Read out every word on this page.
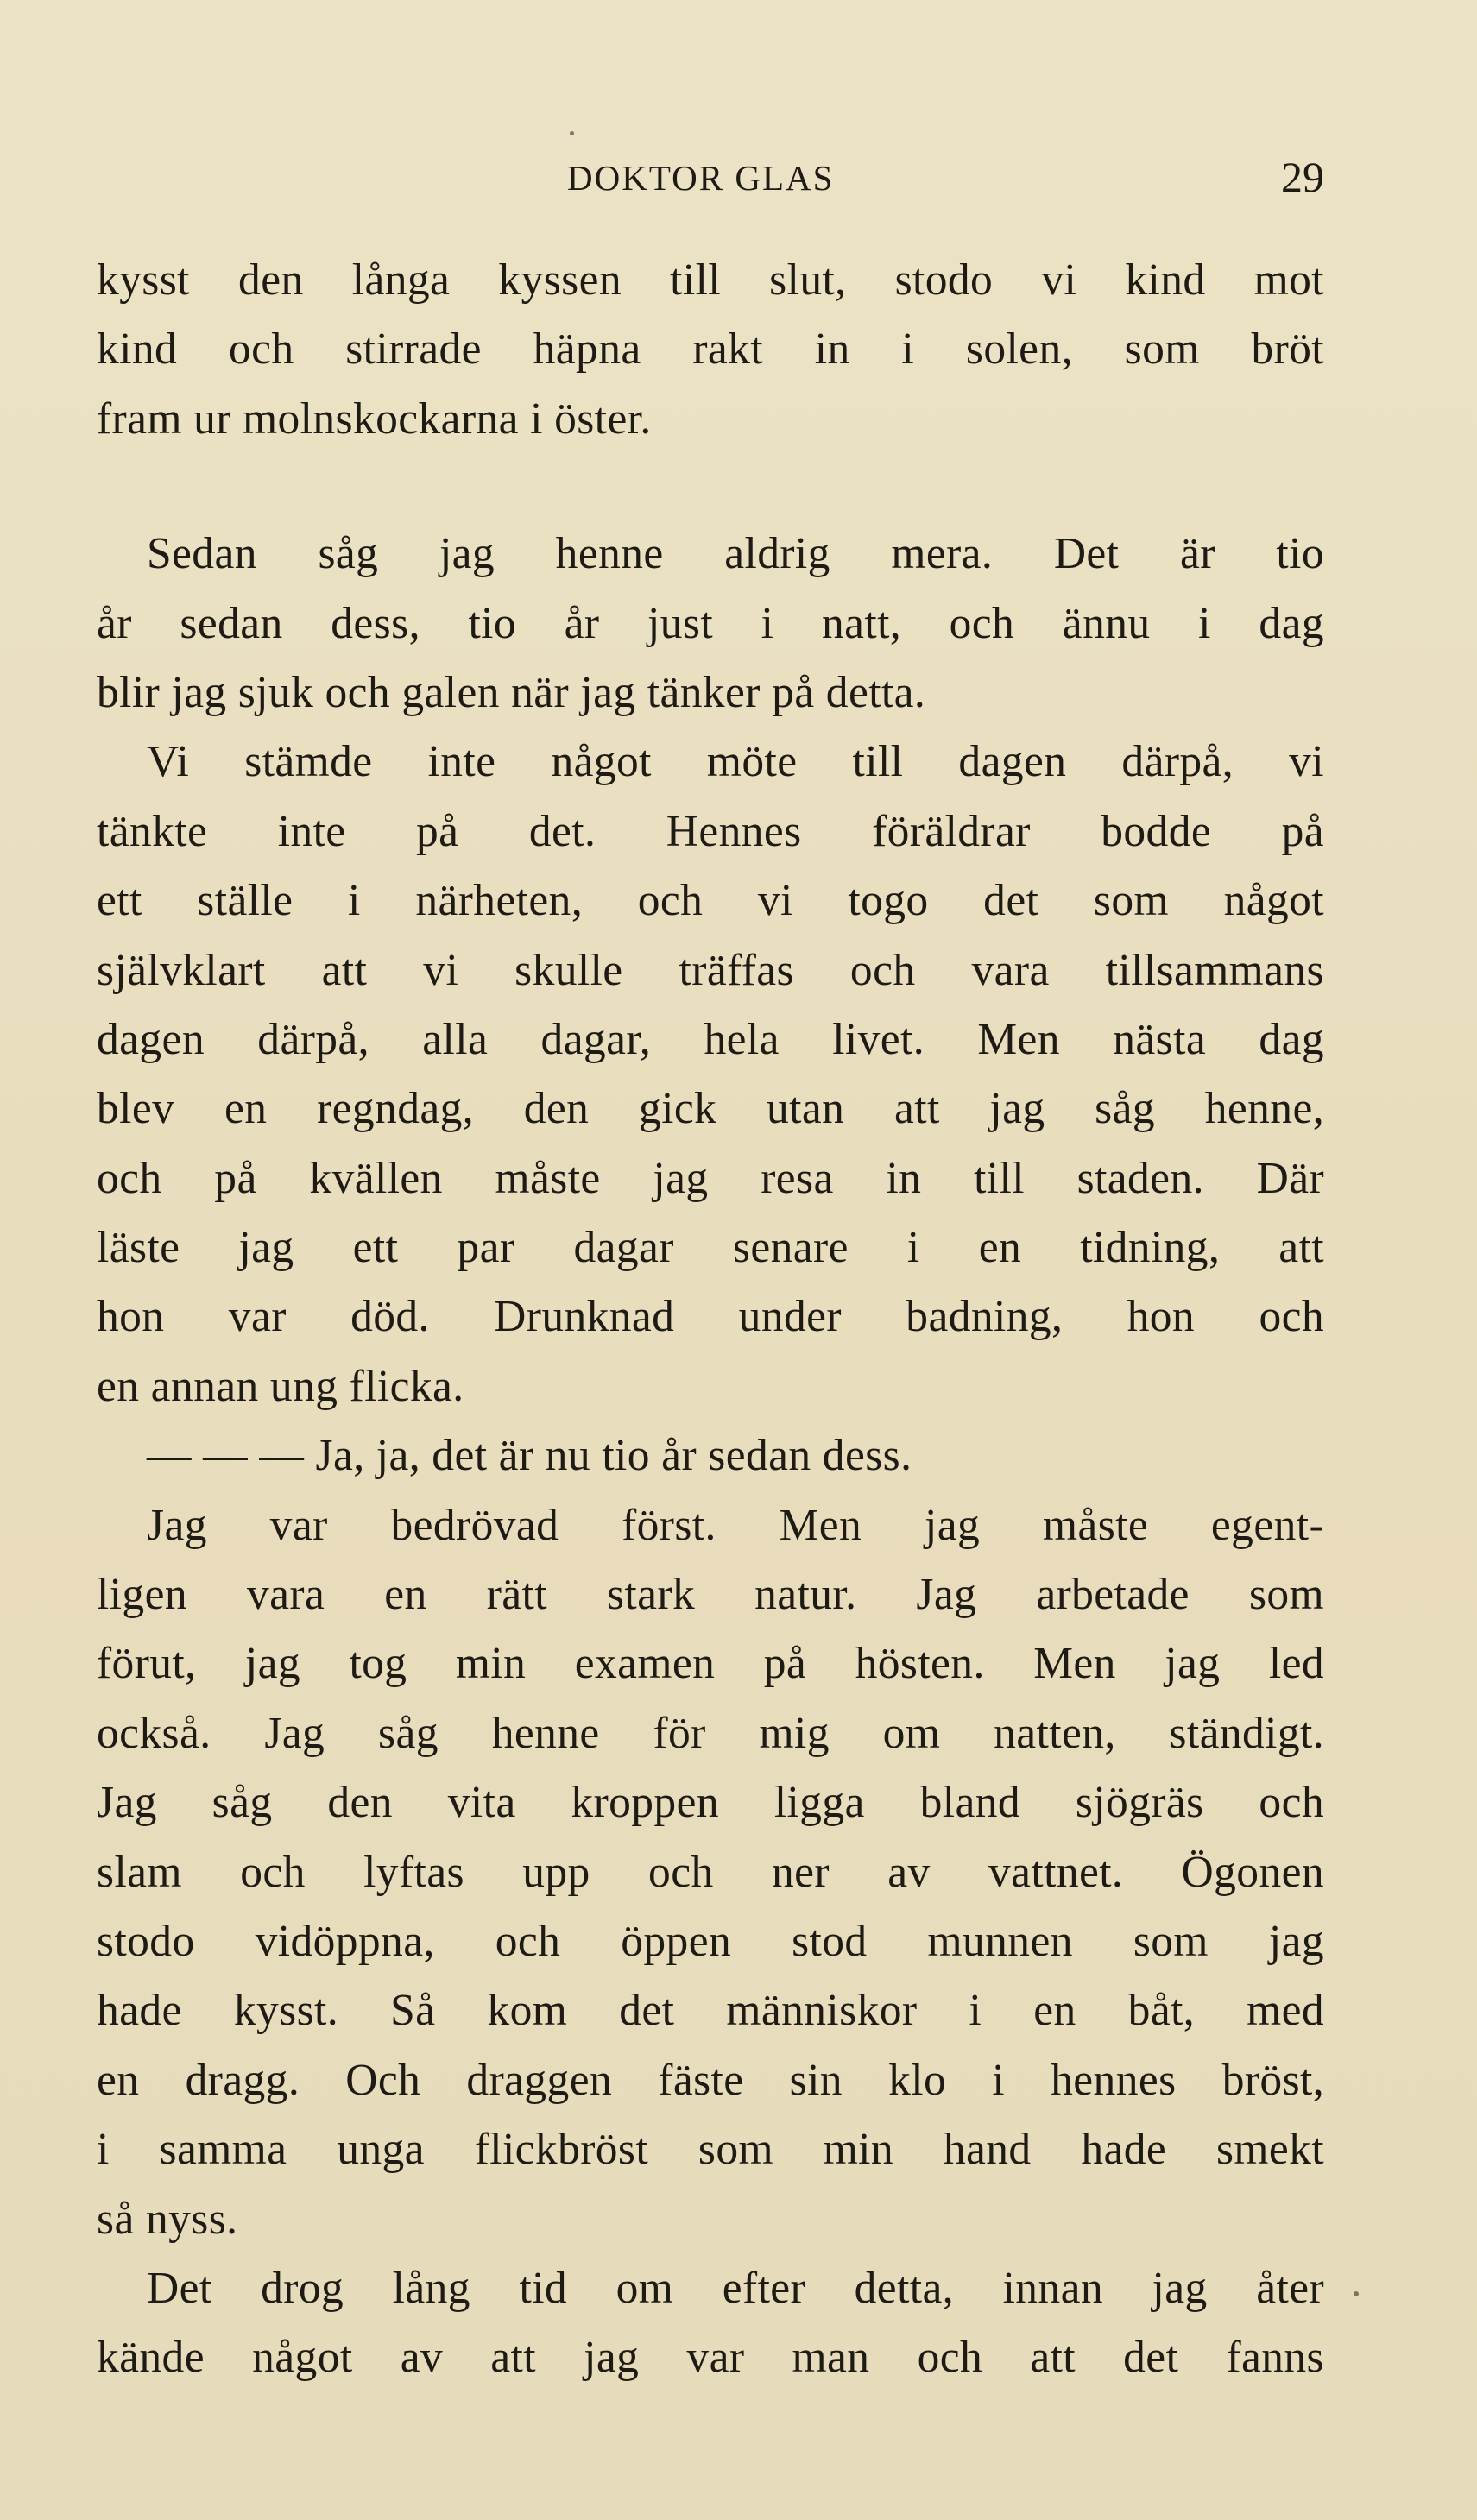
DOKTOR GLAS	29
kysst den långa kyssen till slut, stodo vi kind mot
kind och stirrade häpna rakt in i solen, som bröt
fram ur molnskockarna i öster.
Sedan såg jag henne aldrig mera. Det är tio
år sedan dess, tio år just i natt, och ännu i dag
blir jag sjuk och galen när jag tänker på detta.
Vi stämde inte något möte till dagen därpå, vi
tänkte inte på det. Hennes föräldrar bodde på
ett ställe i närheten, och vi togo det som något
självklart att vi skulle träffas och vara tillsammans
dagen därpå, alla dagar, hela livet. Men nästa dag
blev en regndag, den gick utan att jag såg henne,
och på kvällen måste jag resa in till staden. Där
läste jag ett par dagar senare i en tidning, att
hon var död. Drunknad under badning, hon och
en annan ung flicka.
— — — Ja, ja, det är nu tio år sedan dess.
Jag var bedrövad först. Men jag måste egent-
ligen vara en rätt stark natur. Jag arbetade som
förut, jag tog min examen på hösten. Men jag led
också. Jag såg henne för mig om natten, ständigt.
Jag såg den vita kroppen ligga bland sjögräs och
slam och lyftas upp och ner av vattnet. Ögonen
stodo vidöppna, och öppen stod munnen som jag
hade kysst. Så kom det människor i en båt, med
en dragg. Och draggen fäste sin klo i hennes bröst,
i samma unga flickbröst som min hand hade smekt
så nyss.
Det drog lång tid om efter detta, innan jag åter
kände något av att jag var man och att det fanns
